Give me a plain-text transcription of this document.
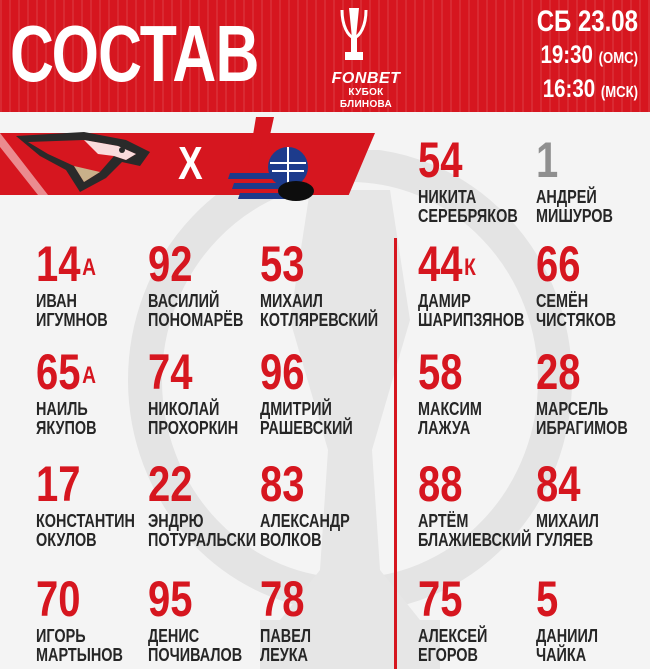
СОСТАВ	FONBET
КУБОК БЛИНОВА
СБ 23.08
19:30 (ОМС)
16:30 (МСК)
Х	54
НИКИТА
СЕРЕБРЯКОВ
1
АНДРЕЙ
МИШУРОВ
$14^А$
ИВАН
ИГУМНОВ
92
ВАСИЛИЙ
ПОНОМАРЁВ
53
МИХАИЛ
КОТЛЯРЕВСКИЙ
$65^А$
НАИЛЬ
ЯКУПОВ
74
НИКОЛАЙ
ПРОХОРКИН
96
ДМИТРИЙ
РАШЕВСКИЙ
17
КОНСТАНТИН
ОКУЛОВ
22
ЭНДРЮ
ПОТУРАЛЬСКИ
83
АЛЕКСАНДР
ВОЛКОВ
70
ИГОРЬ
МАРТЫНОВ
95
ДЕНИС
ПОЧИВАЛОВ
78
ПАВЕЛ
ЛЕУКА
$44^К$
ДАМИР
ШАРИПЗЯНОВ
66
СЕМЁН
ЧИСТЯКОВ
58
МАКСИМ
ЛАЖУА
28
МАРСЕЛЬ
ИБРАГИМОВ
88
АРТЁМ
БЛАЖИЕВСКИЙ
84
МИХАИЛ
ГУЛЯЕВ
75
АЛЕКСЕЙ
ЕГОРОВ
5
ДАНИИЛ
ЧАЙКА
